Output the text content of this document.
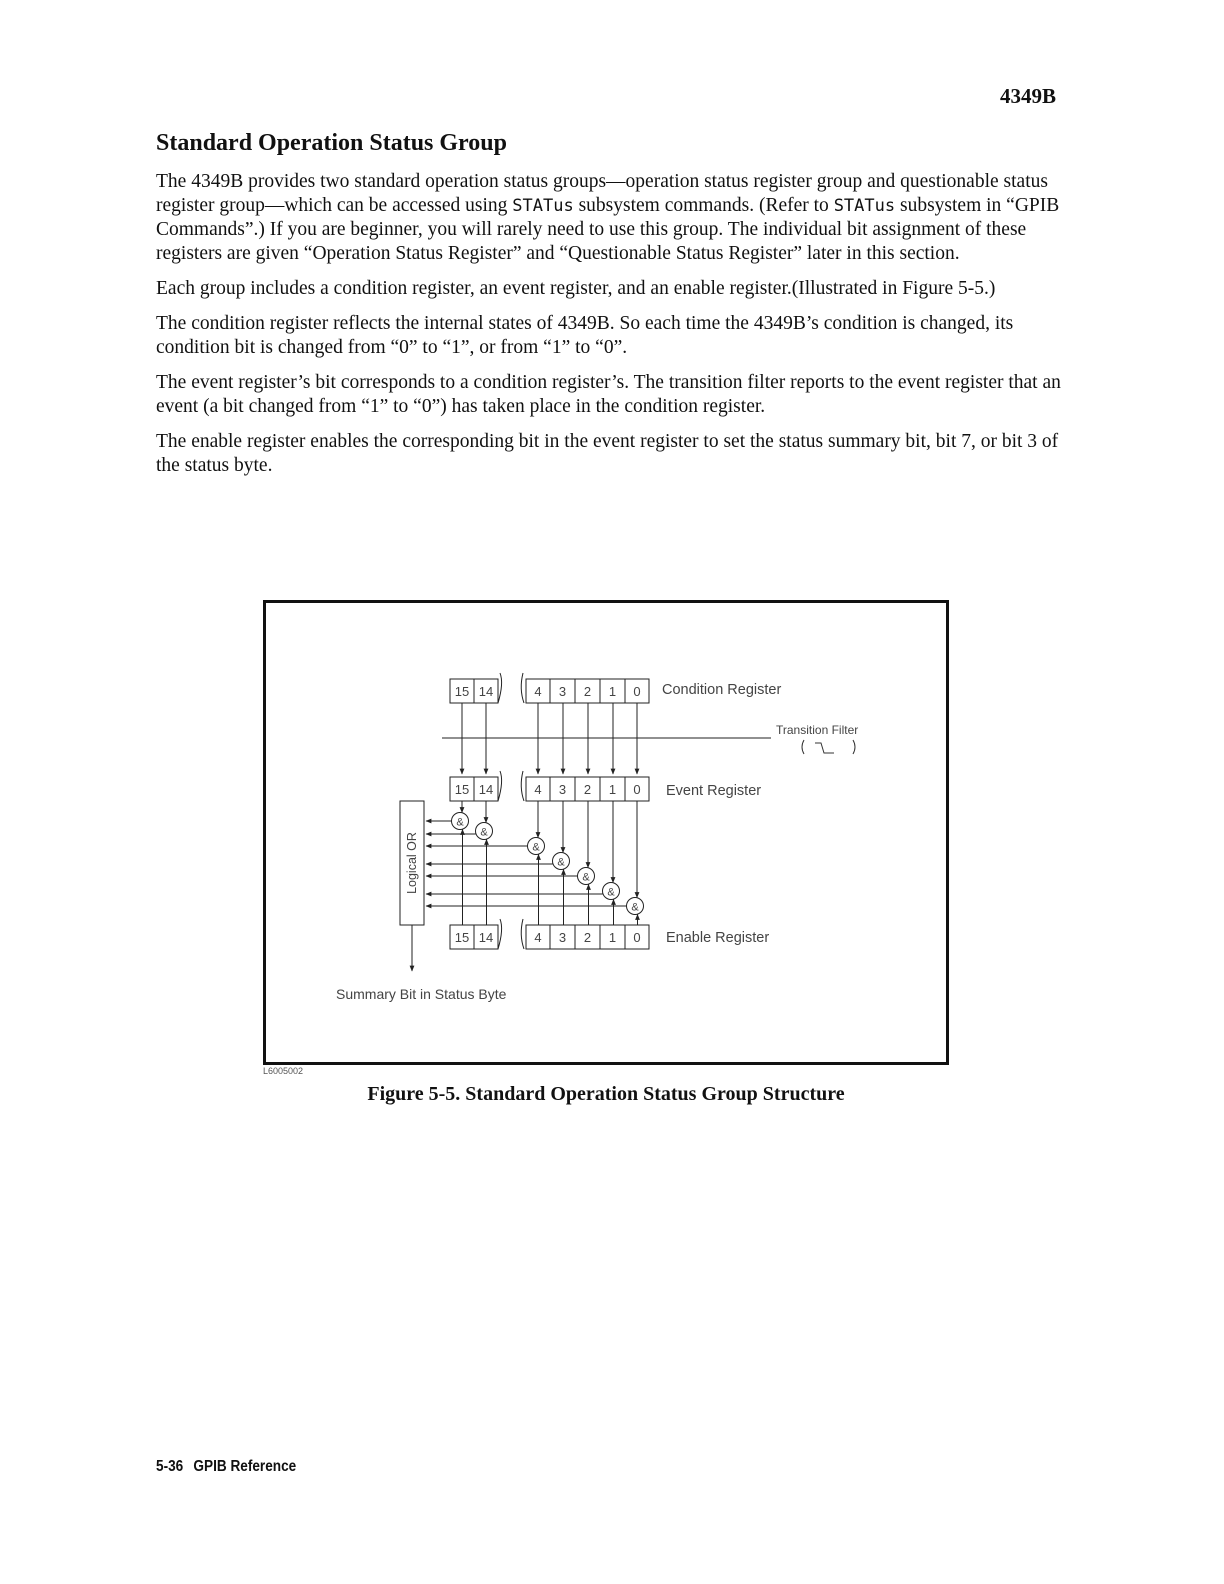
4349B
Standard Operation Status Group

The 4349B provides two standard operation status groups—operation status register group and questionable status register group—which can be accessed using STATus subsystem commands. (Refer to STATus subsystem in “GPIB Commands”.) If you are beginner, you will rarely need to use this group. The individual bit assignment of these registers are given “Operation Status Register” and “Questionable Status Register” later in this section.

Each group includes a condition register, an event register, and an enable register.(Illustrated in Figure 5-5.)

The condition register reflects the internal states of 4349B. So each time the 4349B’s condition is changed, its condition bit is changed from “0” to “1”, or from “1” to “0”.

The event register’s bit corresponds to a condition register’s. The transition filter reports to the event register that an event (a bit changed from “1” to “0”) has taken place in the condition register.

The enable register enables the corresponding bit in the event register to set the status summary bit, bit 7, or bit 3 of the status byte.

15 14	4 3 2 1 0
15 14	4 3 2 1 0
15 14	4 3 2 1 0
Transition Filter
Condition Register
Event Register
Enable Register
Logical OR
Summary Bit in Status Byte
&
&
&
&
&
&
&
L6005002
Figure 5-5. Standard Operation Status Group Structure
5-36 GPIB Reference
